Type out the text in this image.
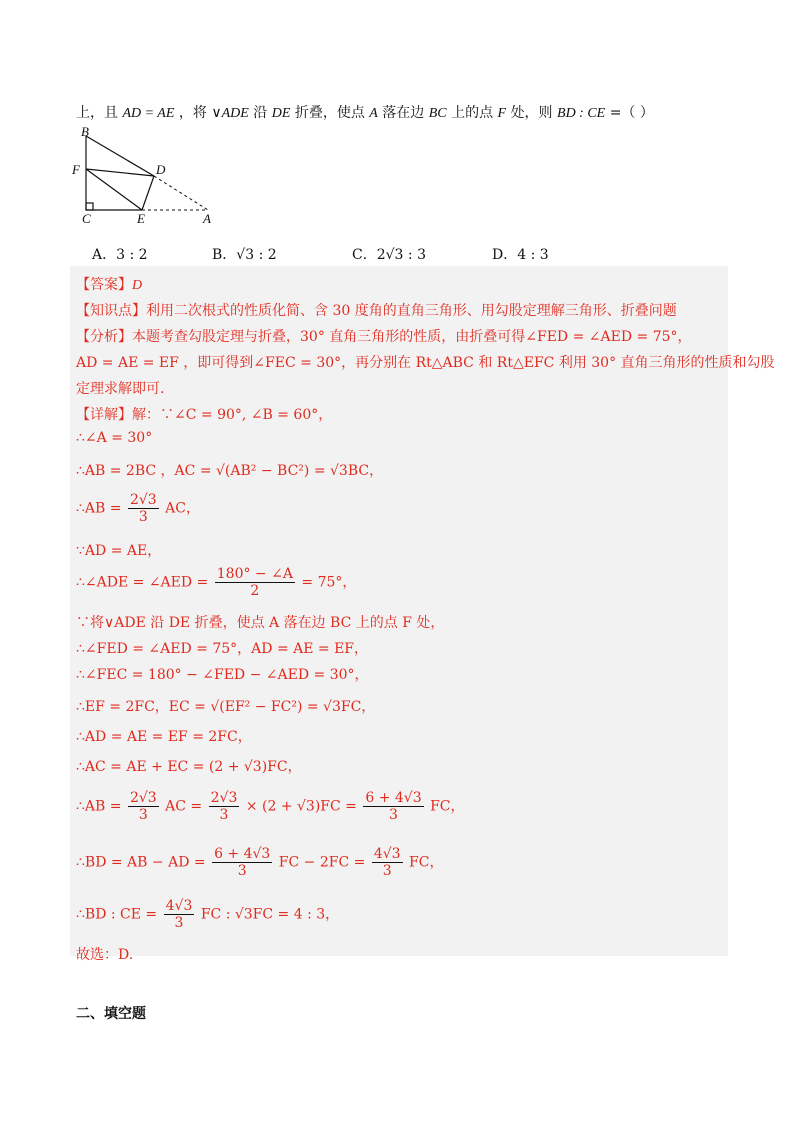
上，且 AD = AE ，将 ∨ADE 沿 DE 折叠，使点 A 落在边 BC 上的点 F 处，则 BD : CE =（ ）
B
F	D
C	E	A
A．3 : 2	B．√3 : 2	C．2√3 : 3	D．4 : 3
【答案】D
【知识点】利用二次根式的性质化简、含 30 度角的直角三角形、用勾股定理解三角形、折叠问题
【分析】本题考查勾股定理与折叠，30° 直角三角形的性质，由折叠可得∠FED = ∠AED = 75°，
AD = AE = EF ，即可得到∠FEC = 30°，再分别在 Rt△ABC 和 Rt△EFC 利用 30° 直角三角形的性质和勾股
定理求解即可.
【详解】解：∵∠C = 90°, ∠B = 60°，
∴∠A = 30°
∴AB = 2BC ，AC = √(AB² − BC²) = √3BC，
∴AB = $\frac{2√3}{3}$ AC，
∵AD = AE，
∴∠ADE = ∠AED = $\frac{180^\circ - \angle A}{2} = 75^\circ$，
∵将∨ADE 沿 DE 折叠，使点 A 落在边 BC 上的点 F 处，
∴∠FED = ∠AED = 75°，AD = AE = EF，
∴∠FEC = 180° − ∠FED − ∠AED = 30°，
∴EF = 2FC，EC = √(EF² − FC²) = √3FC，
∴AD = AE = EF = 2FC，
∴AC = AE + EC = (2 + √3)FC，
∴AB = $\frac{2√3}{3}$ AC = $\frac{2√3}{3} \times (2 + √3)FC = \frac{6 + 4√3}{3}$ FC，
∴BD = AB − AD = $\frac{6 + 4√3}{3}$ FC − $2FC = \frac{4√3}{3}$ FC，
∴BD : CE = $\frac{4√3}{3}$ FC : √3FC = 4 : 3，
故选：D.
二、填空题
